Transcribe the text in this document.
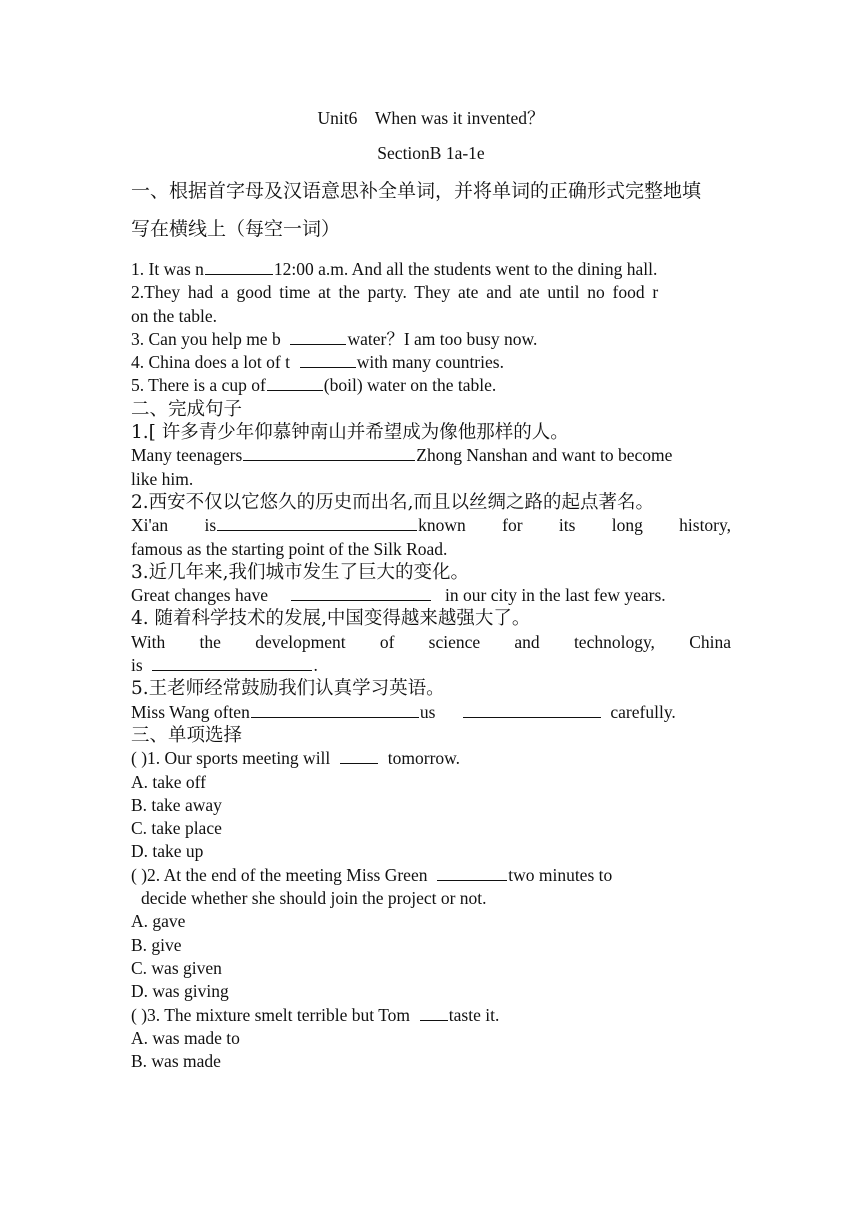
Unit6　When was it invented？
SectionB 1a-1e
一、根据首字母及汉语意思补全单词，并将单词的正确形式完整地填
写在横线上（每空一词）
1. It was n	12:00 a.m. And all the students went to the dining hall.
2.They had a good time at the party. They ate and ate until no food r
on the table.
3. Can you help me b	water？I am too busy now.
4. China does a lot of t	with many countries.
5. There is a cup of	(boil) water on the table.
二、完成句子
1.[ 许多青少年仰慕钟南山并希望成为像他那样的人。
Many teenagers	Zhong Nanshan and want to become
like him.
2.西安不仅以它悠久的历史而出名,而且以丝绸之路的起点著名。
Xi'an is	known for its long history,
famous as the starting point of the Silk Road.
3.近几年来,我们城市发生了巨大的变化。
Great changes have	in our city in the last few years.
4. 随着科学技术的发展,中国变得越来越强大了。
With the development of science and technology, China
is	.
5.王老师经常鼓励我们认真学习英语。
Miss Wang often	us	carefully.
三、单项选择
( )1. Our sports meeting will	tomorrow.
A. take off
B. take away
C. take place
D. take up
( )2. At the end of the meeting Miss Green	two minutes to
decide whether she should join the project or not.
A. gave
B. give
C. was given
D. was giving
( )3. The mixture smelt terrible but Tom taste it.
A. was made to
B. was made
